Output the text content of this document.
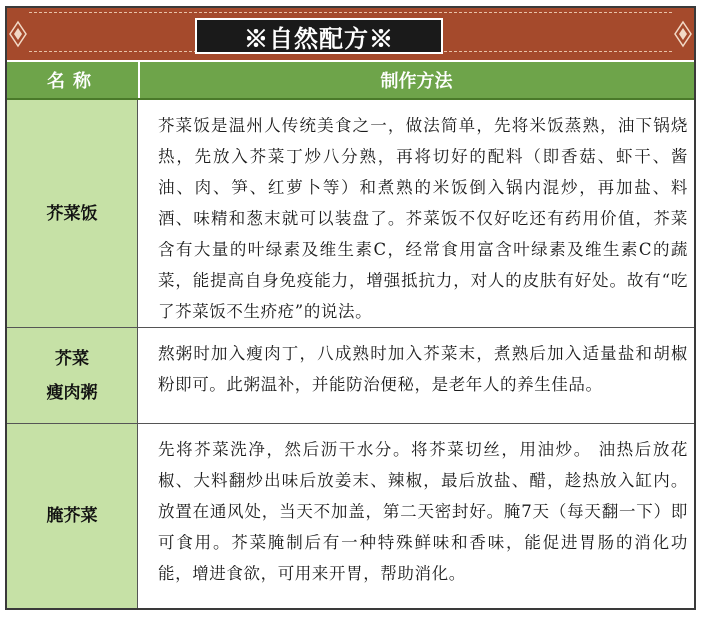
※自然配方※
名称	制作方法
芥菜饭

芥菜饭是温州人传统美食之一，做法简单，先将米饭蒸熟，油下锅烧热，先放入芥菜丁炒八分熟，再将切好的配料（即香菇、虾干、酱油、肉、笋、红萝卜等）和煮熟的米饭倒入锅内混炒，再加盐、料酒、味精和葱末就可以装盘了。芥菜饭不仅好吃还有药用价值，芥菜含有大量的叶绿素及维生素C，经常食用富含叶绿素及维生素C的蔬菜，能提高自身免疫能力，增强抵抗力，对人的皮肤有好处。故有“吃了芥菜饭不生疥疮”的说法。

芥菜
瘦肉粥

熬粥时加入瘦肉丁，八成熟时加入芥菜末，煮熟后加入适量盐和胡椒粉即可。此粥温补，并能防治便秘，是老年人的养生佳品。

腌芥菜

先将芥菜洗净，然后沥干水分。将芥菜切丝，用油炒。 油热后放花椒、大料翻炒出味后放姜末、辣椒，最后放盐、醋，趁热放入缸内。 放置在通风处，当天不加盖，第二天密封好。腌7天（每天翻一下）即可食用。芥菜腌制后有一种特殊鲜味和香味，能促进胃肠的消化功能，增进食欲，可用来开胃，帮助消化。
